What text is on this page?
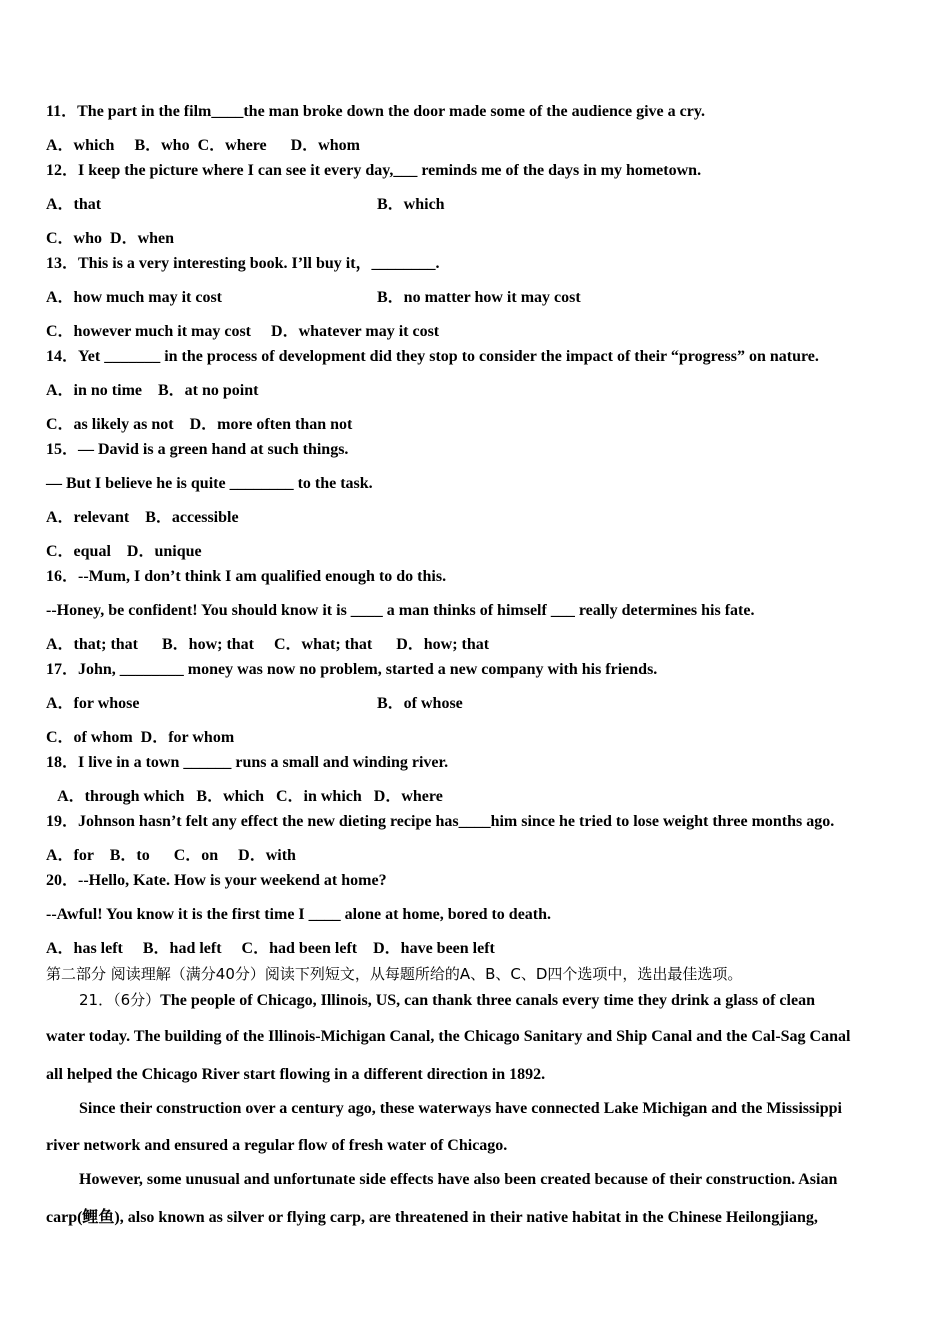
11．The part in the film____the man broke down the door made some of the audience give a cry.
A．which     B．who  C．where      D．whom
12．I keep the picture where I can see it every day,___ reminds me of the days in my hometown.
A．that	B．which
C．who  D．when
13．This is a very interesting book. I’ll buy it，________.
A．how much may it cost	B．no matter how it may cost
C．however much it may cost     D．whatever may it cost
14．Yet _______ in the process of development did they stop to consider the impact of their “progress” on nature.
A．in no time    B．at no point
C．as likely as not    D．more often than not
15．— David is a green hand at such things.
— But I believe he is quite ________ to the task.
A．relevant    B．accessible
C．equal    D．unique
16．--Mum, I don’t think I am qualified enough to do this.
--Honey, be confident! You should know it is ____ a man thinks of himself ___ really determines his fate.
A．that; that      B．how; that     C．what; that      D．how; that
17．John, ________ money was now no problem, started a new company with his friends.
A．for whose	B．of whose
C．of whom  D．for whom
18．I live in a town ______ runs a small and winding river.
A．through which   B．which   C．in which   D．where
19．Johnson hasn’t felt any effect the new dieting recipe has____him since he tried to lose weight three months ago.
A．for    B．to      C．on     D．with
20．--Hello, Kate. How is your weekend at home?
--Awful! You know it is the first time I ____ alone at home, bored to death.
A．has left     B．had left     C．had been left    D．have been left
第二部分 阅读理解（满分40分）阅读下列短文，从每题所给的A、B、C、D四个选项中，选出最佳选项。
21．（6分）The people of Chicago, Illinois, US, can thank three canals every time they drink a glass of clean
water today. The building of the Illinois-Michigan Canal, the Chicago Sanitary and Ship Canal and the Cal-Sag Canal
all helped the Chicago River start flowing in a different direction in 1892.
Since their construction over a century ago, these waterways have connected Lake Michigan and the Mississippi
river network and ensured a regular flow of fresh water of Chicago.
However, some unusual and unfortunate side effects have also been created because of their construction. Asian
carp(鲤鱼), also known as silver or flying carp, are threatened in their native habitat in the Chinese Heilongjiang,
